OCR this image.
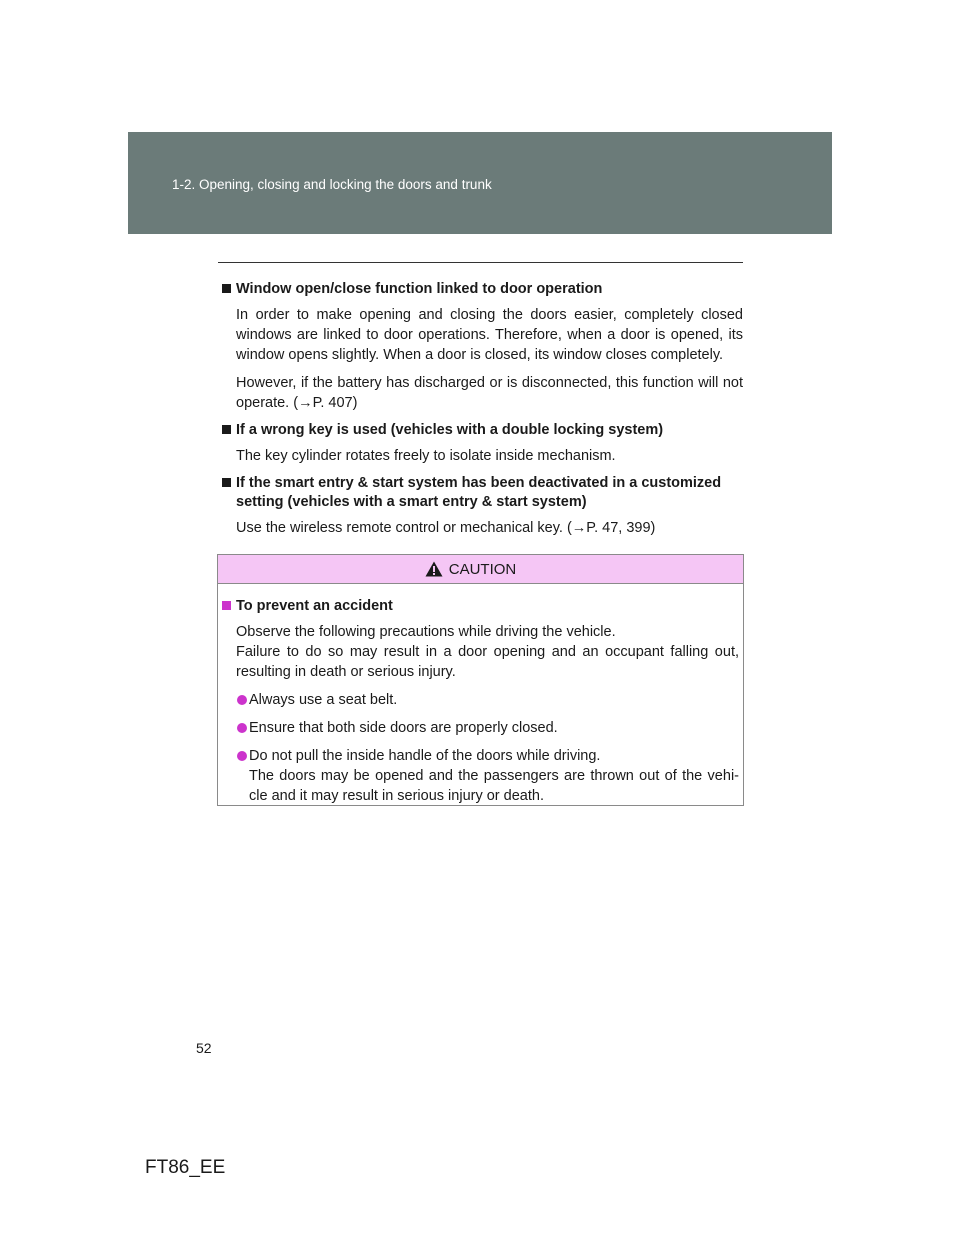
1-2. Opening, closing and locking the doors and trunk
Window open/close function linked to door operation

In order to make opening and closing the doors easier, completely closed windows are linked to door operations. Therefore, when a door is opened, its window opens slightly. When a door is closed, its window closes completely.

However, if the battery has discharged or is disconnected, this function will not operate. (→P. 407)

If a wrong key is used (vehicles with a double locking system)

The key cylinder rotates freely to isolate inside mechanism.

If the smart entry & start system has been deactivated in a customized setting (vehicles with a smart entry & start system)

Use the wireless remote control or mechanical key. (→P. 47, 399)

CAUTION
To prevent an accident
Observe the following precautions while driving the vehicle.
Failure to do so may result in a door opening and an occupant falling out, resulting in death or serious injury.
Always use a seat belt.
Ensure that both side doors are properly closed.
Do not pull the inside handle of the doors while driving.
The doors may be opened and the passengers are thrown out of the vehi-cle and it may result in serious injury or death.
52
FT86_EE
